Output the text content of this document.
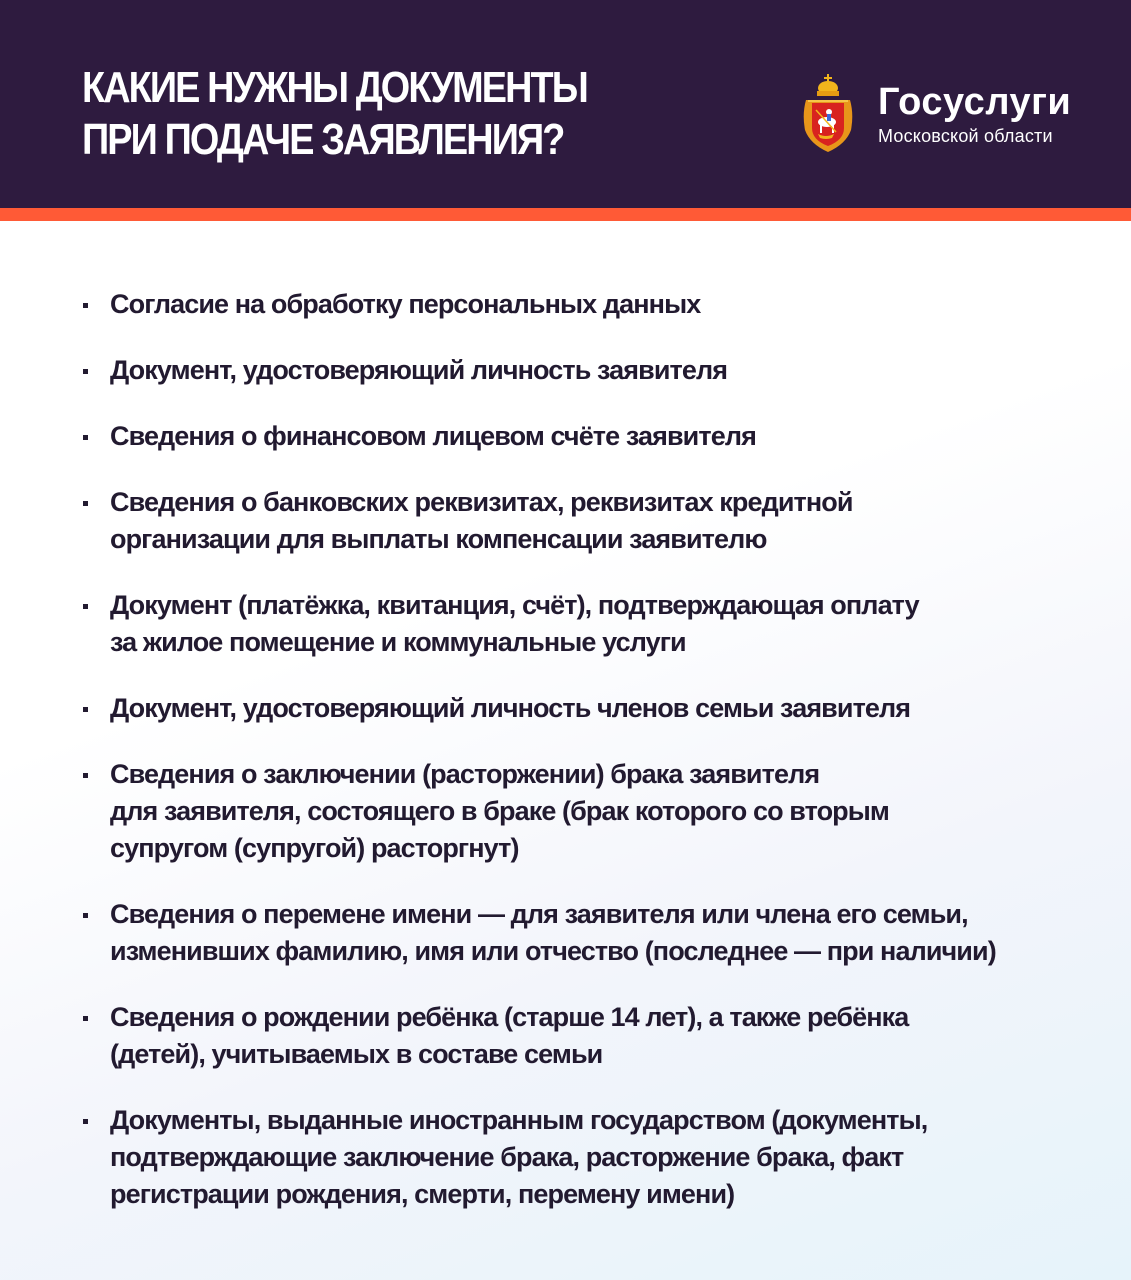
КАКИЕ НУЖНЫ ДОКУМЕНТЫ
ПРИ ПОДАЧЕ ЗАЯВЛЕНИЯ?
Госуслуги
Московской области
Согласие на обработку персональных данных
Документ, удостоверяющий личность заявителя
Сведения о финансовом лицевом счёте заявителя
Сведения о банковских реквизитах, реквизитах кредитной
организации для выплаты компенсации заявителю
Документ (платёжка, квитанция, счёт), подтверждающая оплату
за жилое помещение и коммунальные услуги
Документ, удостоверяющий личность членов семьи заявителя
Сведения о заключении (расторжении) брака заявителя
для заявителя, состоящего в браке (брак которого со вторым
супругом (супругой) расторгнут)
Сведения о перемене имени — для заявителя или члена его семьи,
изменивших фамилию, имя или отчество (последнее — при наличии)
Сведения о рождении ребёнка (старше 14 лет), а также ребёнка
(детей), учитываемых в составе семьи
Документы, выданные иностранным государством (документы,
подтверждающие заключение брака, расторжение брака, факт
регистрации рождения, смерти, перемену имени)
